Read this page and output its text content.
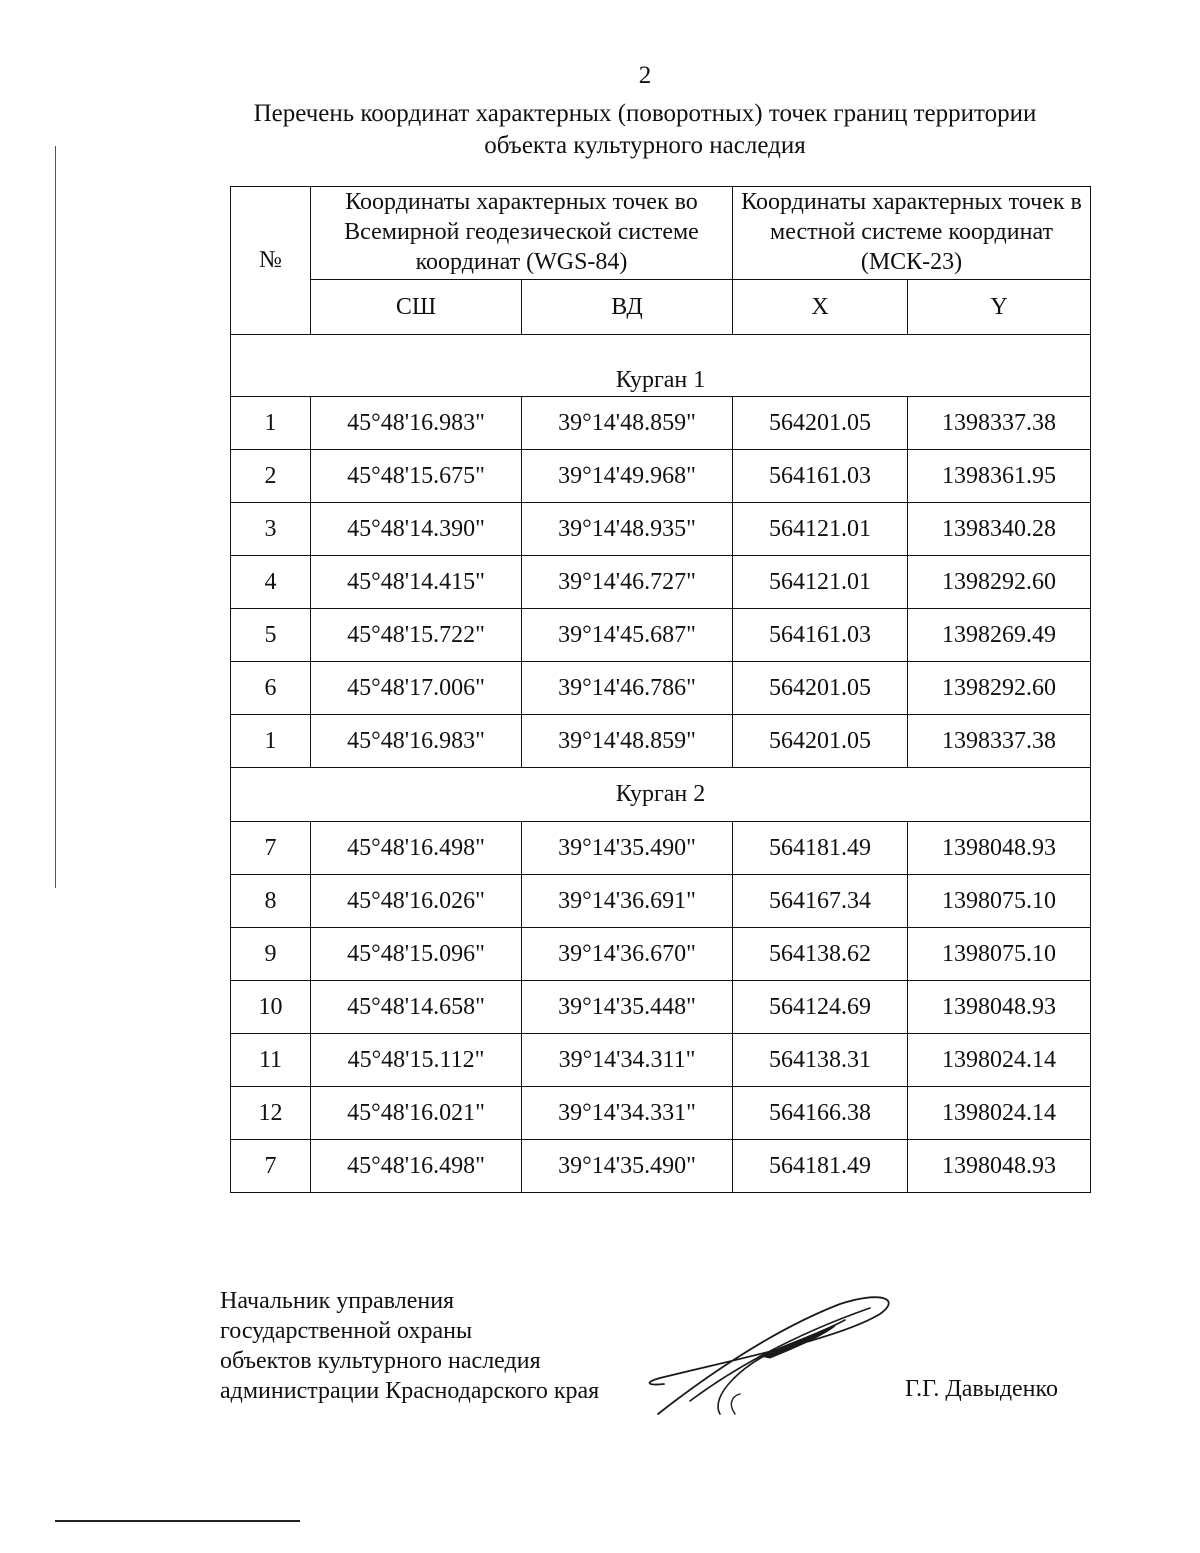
2
Перечень координат характерных (поворотных) точек границ территории
объекта культурного наследия
№	Координаты характерных точек во Всемирной геодезической системе координат (WGS-84)		Координаты характерных точек в местной системе координат (МСК-23)	
	СШ	ВД	X	Y
Курган 1				
1	45°48'16.983"	39°14'48.859"	564201.05	1398337.38
2	45°48'15.675"	39°14'49.968"	564161.03	1398361.95
3	45°48'14.390"	39°14'48.935"	564121.01	1398340.28
4	45°48'14.415"	39°14'46.727"	564121.01	1398292.60
5	45°48'15.722"	39°14'45.687"	564161.03	1398269.49
6	45°48'17.006"	39°14'46.786"	564201.05	1398292.60
1	45°48'16.983"	39°14'48.859"	564201.05	1398337.38
Курган 2				
7	45°48'16.498"	39°14'35.490"	564181.49	1398048.93
8	45°48'16.026"	39°14'36.691"	564167.34	1398075.10
9	45°48'15.096"	39°14'36.670"	564138.62	1398075.10
10	45°48'14.658"	39°14'35.448"	564124.69	1398048.93
11	45°48'15.112"	39°14'34.311"	564138.31	1398024.14
12	45°48'16.021"	39°14'34.331"	564166.38	1398024.14
7	45°48'16.498"	39°14'35.490"	564181.49	1398048.93
Начальник управления
государственной охраны
объектов культурного наследия
администрации Краснодарского края	Г.Г. Давыденко
